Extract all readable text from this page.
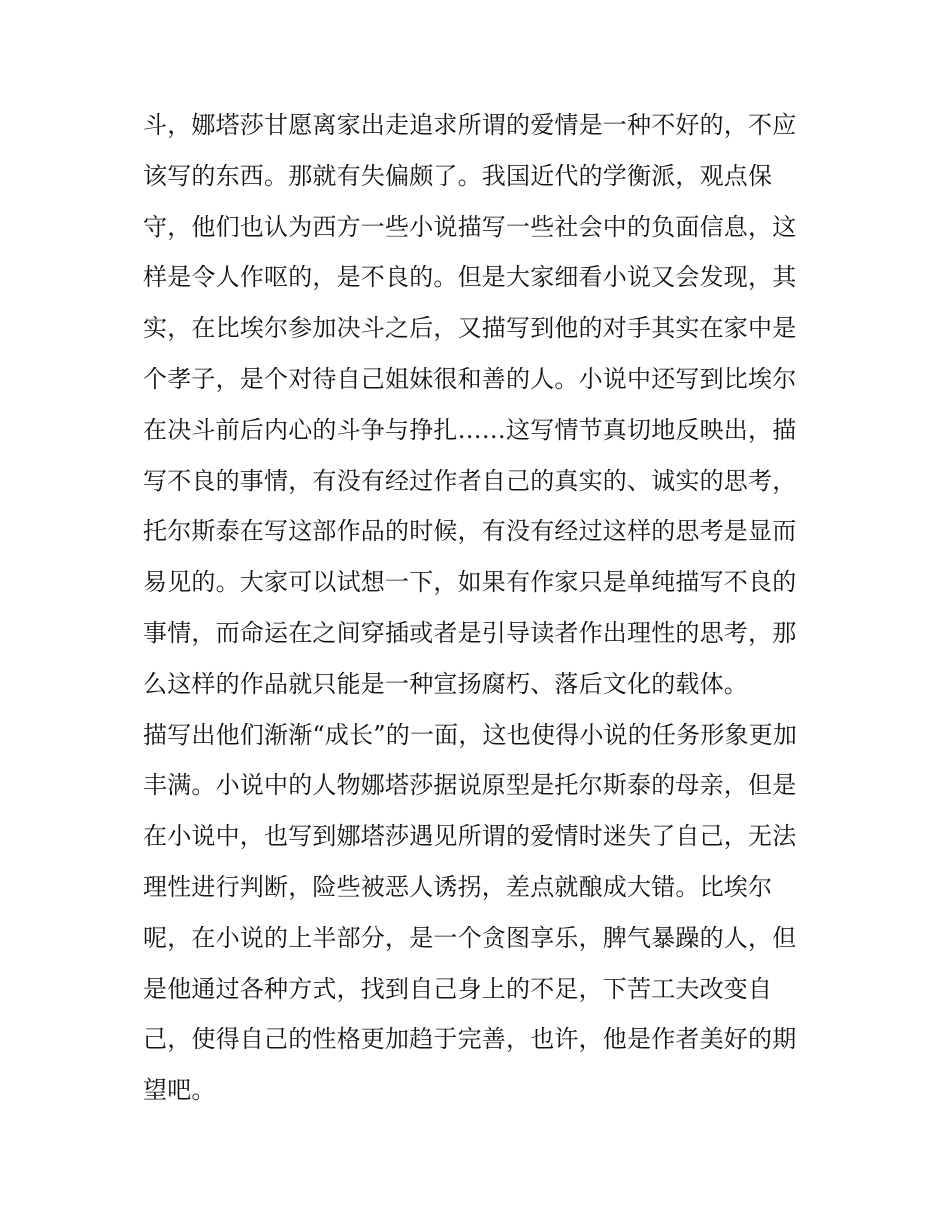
斗，娜塔莎甘愿离家出走追求所谓的爱情是一种不好的，不应
该写的东西。那就有失偏颇了。我国近代的学衡派，观点保
守，他们也认为西方一些小说描写一些社会中的负面信息，这
样是令人作呕的，是不良的。但是大家细看小说又会发现，其
实，在比埃尔参加决斗之后，又描写到他的对手其实在家中是
个孝子，是个对待自己姐妹很和善的人。小说中还写到比埃尔
在决斗前后内心的斗争与挣扎……这写情节真切地反映出，描
写不良的事情，有没有经过作者自己的真实的、诚实的思考，
托尔斯泰在写这部作品的时候，有没有经过这样的思考是显而
易见的。大家可以试想一下，如果有作家只是单纯描写不良的
事情，而命运在之间穿插或者是引导读者作出理性的思考，那
么这样的作品就只能是一种宣扬腐朽、落后文化的载体。
描写出他们渐渐“成长”的一面，这也使得小说的任务形象更加
丰满。小说中的人物娜塔莎据说原型是托尔斯泰的母亲，但是
在小说中，也写到娜塔莎遇见所谓的爱情时迷失了自己，无法
理性进行判断，险些被恶人诱拐，差点就酿成大错。比埃尔
呢，在小说的上半部分，是一个贪图享乐，脾气暴躁的人，但
是他通过各种方式，找到自己身上的不足，下苦工夫改变自
己，使得自己的性格更加趋于完善，也许，他是作者美好的期
望吧。
